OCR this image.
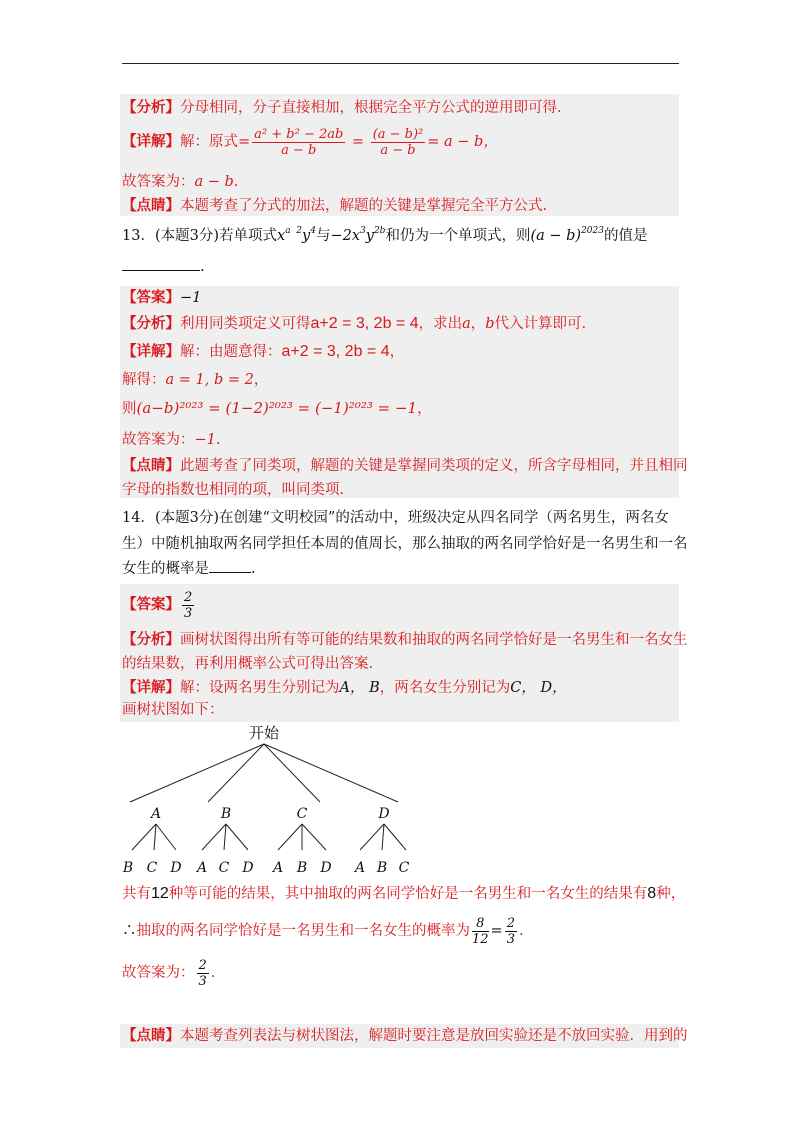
【分析】分母相同，分子直接相加，根据完全平方公式的逆用即可得.
【详解】解：原式= $\frac{\text{a² + b² − 2ab}}{a - b} = \frac{\text{(a − b)²}}{a - b} = a - b$，
故答案为：a − b.
【点睛】本题考查了分式的加法，解题的关键是掌握完全平方公式.
13．(本题3分)若单项式$x^{a 2}y^4$与$-2x^3y^{2b}$和仍为一个单项式，则$(a - b)^{2023}$的值是
.
【答案】−1
【分析】利用同类项定义可得a+2 = 3, 2b = 4，求出a，b代入计算即可.
【详解】解：由题意得：a+2 = 3, 2b = 4，
解得：a = 1, b = 2，
则(a−b)²⁰²³ = (1−2)²⁰²³ = (−1)²⁰²³ = −1，
故答案为：−1.
【点睛】此题考查了同类项，解题的关键是掌握同类项的定义，所含字母相同，并且相同
字母的指数也相同的项，叫同类项.
14．(本题3分)在创建“文明校园”的活动中，班级决定从四名同学（两名男生，两名女
生）中随机抽取两名同学担任本周的值周长，那么抽取的两名同学恰好是一名男生和一名
女生的概率是	.
【答案】 $\frac{2}{3}$
【分析】画树状图得出所有等可能的结果数和抽取的两名同学恰好是一名男生和一名女生
的结果数，再利用概率公式可得出答案.
【详解】解：设两名男生分别记为A， B，两名女生分别记为C， D，
画树状图如下：
开始
A	B	C	D
B C D A C D A B D A B C
共有12种等可能的结果，其中抽取的两名同学恰好是一名男生和一名女生的结果有8种，
∴抽取的两名同学恰好是一名男生和一名女生的概率为 $\frac{8}{12} = \frac{2}{3}$ .
故答案为： $\frac{2}{3}$ .
【点睛】本题考查列表法与树状图法，解题时要注意是放回实验还是不放回实验．用到的
